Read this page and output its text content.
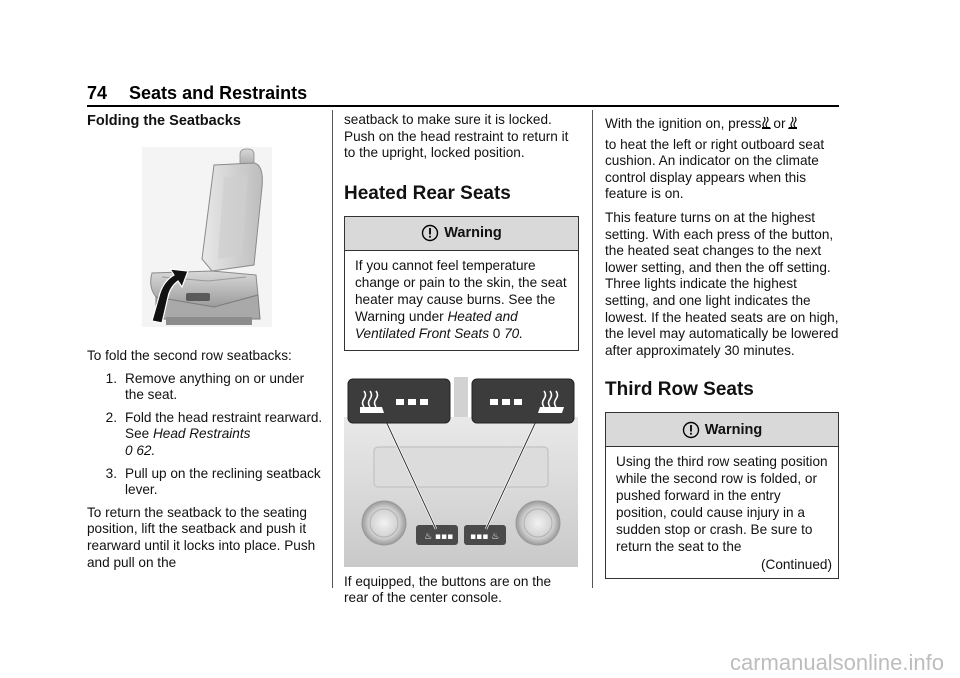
74 Seats and Restraints
Folding the Seatbacks

To fold the second row seatbacks:

1. Remove anything on or under the seat.
2. Fold the head restraint rearward. See Head Restraints
0 62.
3. Pull up on the reclining seatback lever.

To return the seatback to the seating position, lift the seatback and push it rearward until it locks into place. Push and pull on the

seatback to make sure it is locked. Push on the head restraint to return it to the upright, locked position.

Heated Rear Seats
Warning
If you cannot feel temperature change or pain to the skin, the seat heater may cause burns. See the Warning under Heated and Ventilated Front Seats 0 70.
♨ ▪▪▪ ▪▪▪ ♨

If equipped, the buttons are on the rear of the center console.

With the ignition on, press or
to heat the left or right outboard seat cushion. An indicator on the climate control display appears when this feature is on.

This feature turns on at the highest setting. With each press of the button, the heated seat changes to the next lower setting, and then the off setting. Three lights indicate the highest setting, and one light indicates the lowest. If the heated seats are on high, the level may automatically be lowered after approximately 30 minutes.

Third Row Seats
Warning
Using the third row seating position while the second row is folded, or pushed forward in the entry position, could cause injury in a sudden stop or crash. Be sure to return the seat to the
(Continued)
carmanualsonline.info
